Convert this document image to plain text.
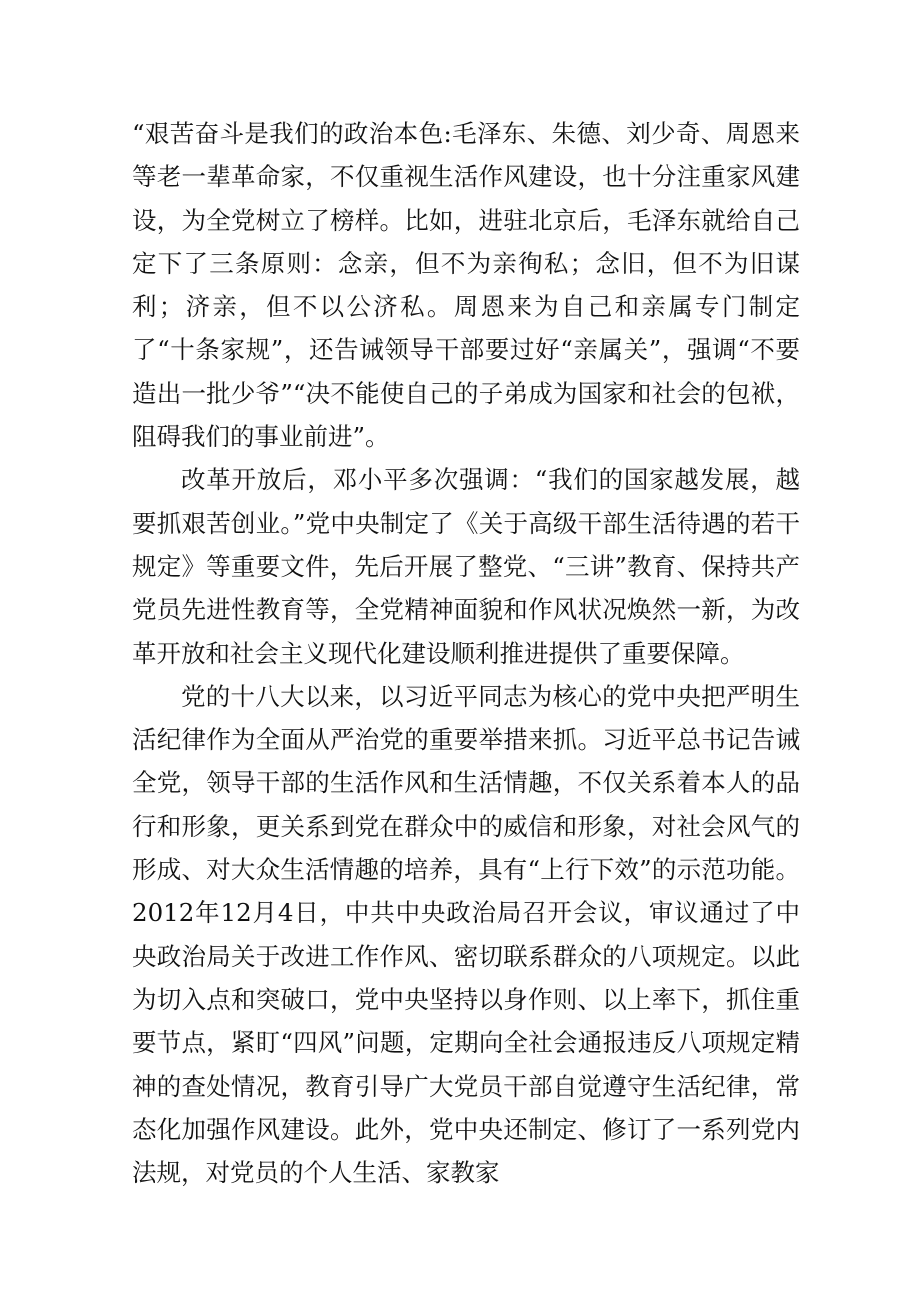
“艰苦奋斗是我们的政治本色:毛泽东、朱德、刘少奇、周恩来等老一辈革命家，不仅重视生活作风建设，也十分注重家风建设，为全党树立了榜样。比如，进驻北京后，毛泽东就给自己定下了三条原则：念亲，但不为亲徇私；念旧，但不为旧谋利；济亲，但不以公济私。周恩来为自己和亲属专门制定了“十条家规”，还告诫领导干部要过好“亲属关”，强调“不要造出一批少爷”“决不能使自己的子弟成为国家和社会的包袱，阻碍我们的事业前进”。

改革开放后，邓小平多次强调：“我们的国家越发展，越要抓艰苦创业。”党中央制定了《关于高级干部生活待遇的若干规定》等重要文件，先后开展了整党、“三讲”教育、保持共产党员先进性教育等，全党精神面貌和作风状况焕然一新，为改革开放和社会主义现代化建设顺利推进提供了重要保障。

党的十八大以来，以习近平同志为核心的党中央把严明生活纪律作为全面从严治党的重要举措来抓。习近平总书记告诫全党，领导干部的生活作风和生活情趣，不仅关系着本人的品行和形象，更关系到党在群众中的威信和形象，对社会风气的形成、对大众生活情趣的培养，具有“上行下效”的示范功能。2012年12月4日，中共中央政治局召开会议，审议通过了中央政治局关于改进工作作风、密切联系群众的八项规定。以此为切入点和突破口，党中央坚持以身作则、以上率下，抓住重要节点，紧盯“四风”问题，定期向全社会通报违反八项规定精神的查处情况，教育引导广大党员干部自觉遵守生活纪律，常态化加强作风建设。此外，党中央还制定、修订了一系列党内法规，对党员的个人生活、家教家
